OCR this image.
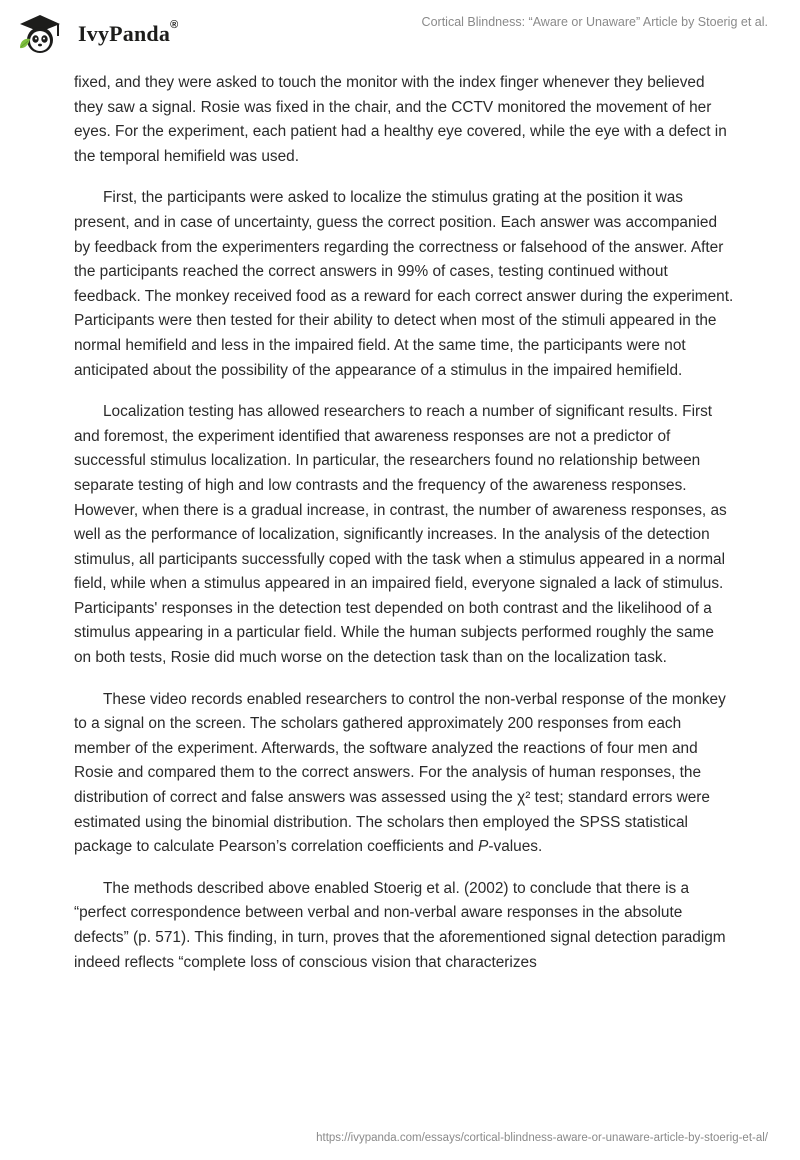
IvyPanda®	Cortical Blindness: “Aware or Unaware” Article by Stoerig et al.

fixed, and they were asked to touch the monitor with the index finger whenever they believed they saw a signal. Rosie was fixed in the chair, and the CCTV monitored the movement of her eyes. For the experiment, each patient had a healthy eye covered, while the eye with a defect in the temporal hemifield was used.

First, the participants were asked to localize the stimulus grating at the position it was present, and in case of uncertainty, guess the correct position. Each answer was accompanied by feedback from the experimenters regarding the correctness or falsehood of the answer. After the participants reached the correct answers in 99% of cases, testing continued without feedback. The monkey received food as a reward for each correct answer during the experiment. Participants were then tested for their ability to detect when most of the stimuli appeared in the normal hemifield and less in the impaired field. At the same time, the participants were not anticipated about the possibility of the appearance of a stimulus in the impaired hemifield.

Localization testing has allowed researchers to reach a number of significant results. First and foremost, the experiment identified that awareness responses are not a predictor of successful stimulus localization. In particular, the researchers found no relationship between separate testing of high and low contrasts and the frequency of the awareness responses. However, when there is a gradual increase, in contrast, the number of awareness responses, as well as the performance of localization, significantly increases. In the analysis of the detection stimulus, all participants successfully coped with the task when a stimulus appeared in a normal field, while when a stimulus appeared in an impaired field, everyone signaled a lack of stimulus. Participants' responses in the detection test depended on both contrast and the likelihood of a stimulus appearing in a particular field. While the human subjects performed roughly the same on both tests, Rosie did much worse on the detection task than on the localization task.

These video records enabled researchers to control the non-verbal response of the monkey to a signal on the screen. The scholars gathered approximately 200 responses from each member of the experiment. Afterwards, the software analyzed the reactions of four men and Rosie and compared them to the correct answers. For the analysis of human responses, the distribution of correct and false answers was assessed using the χ² test; standard errors were estimated using the binomial distribution. The scholars then employed the SPSS statistical package to calculate Pearson’s correlation coefficients and P-values.

The methods described above enabled Stoerig et al. (2002) to conclude that there is a “perfect correspondence between verbal and non-verbal aware responses in the absolute defects” (p. 571). This finding, in turn, proves that the aforementioned signal detection paradigm indeed reflects “complete loss of conscious vision that characterizes

https://ivypanda.com/essays/cortical-blindness-aware-or-unaware-article-by-stoerig-et-al/
